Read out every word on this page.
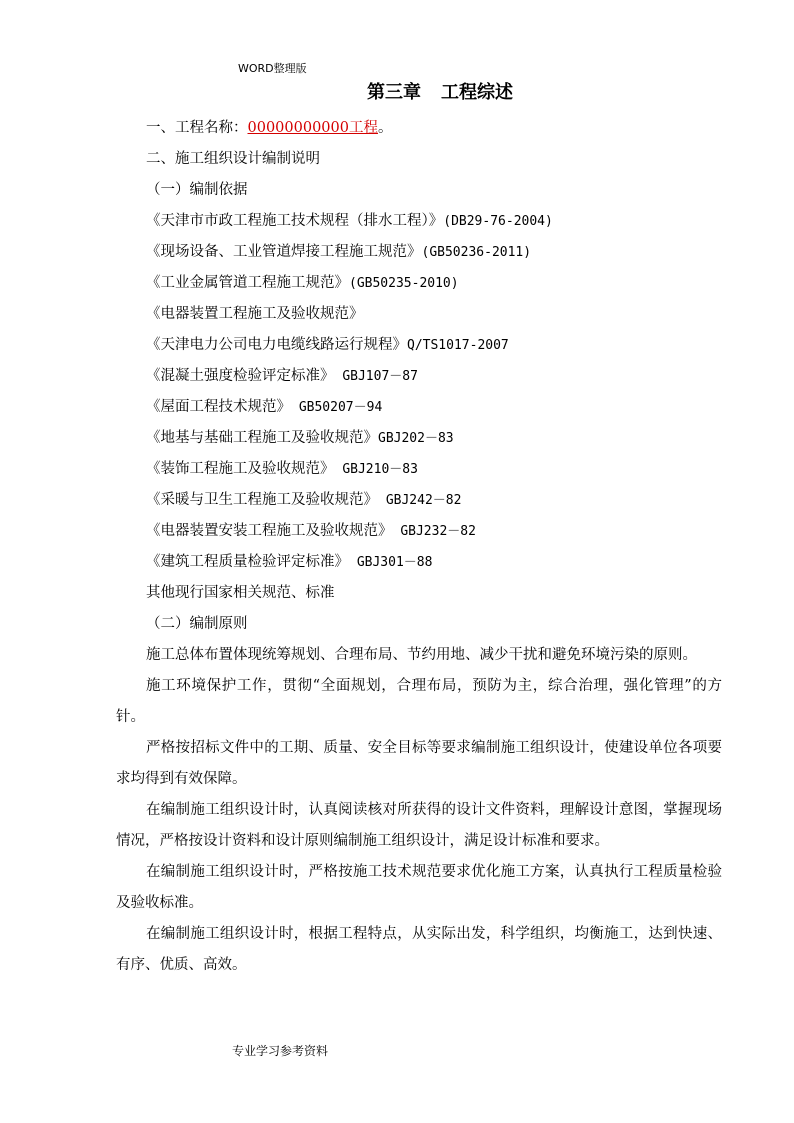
WORD整理版
第三章 工程综述
一、工程名称：00000000000工程。
二、施工组织设计编制说明
（一）编制依据
《天津市市政工程施工技术规程（排水工程）》(DB29-76-2004)
《现场设备、工业管道焊接工程施工规范》(GB50236-2011)
《工业金属管道工程施工规范》(GB50235-2010)
《电器装置工程施工及验收规范》
《天津电力公司电力电缆线路运行规程》Q/TS1017-2007
《混凝土强度检验评定标准》 GBJ107－87
《屋面工程技术规范》 GB50207－94
《地基与基础工程施工及验收规范》GBJ202－83
《装饰工程施工及验收规范》 GBJ210－83
《采暖与卫生工程施工及验收规范》 GBJ242－82
《电器装置安装工程施工及验收规范》 GBJ232－82
《建筑工程质量检验评定标准》 GBJ301－88
其他现行国家相关规范、标准
（二）编制原则

施工总体布置体现统筹规划、合理布局、节约用地、减少干扰和避免环境污染的原则。

施工环境保护工作，贯彻“全面规划，合理布局，预防为主，综合治理，强化管理”的方针。

严格按招标文件中的工期、质量、安全目标等要求编制施工组织设计，使建设单位各项要求均得到有效保障。

在编制施工组织设计时，认真阅读核对所获得的设计文件资料，理解设计意图，掌握现场情况，严格按设计资料和设计原则编制施工组织设计，满足设计标准和要求。

在编制施工组织设计时，严格按施工技术规范要求优化施工方案，认真执行工程质量检验及验收标准。

在编制施工组织设计时，根据工程特点，从实际出发，科学组织，均衡施工，达到快速、有序、优质、高效。

专业学习参考资料
